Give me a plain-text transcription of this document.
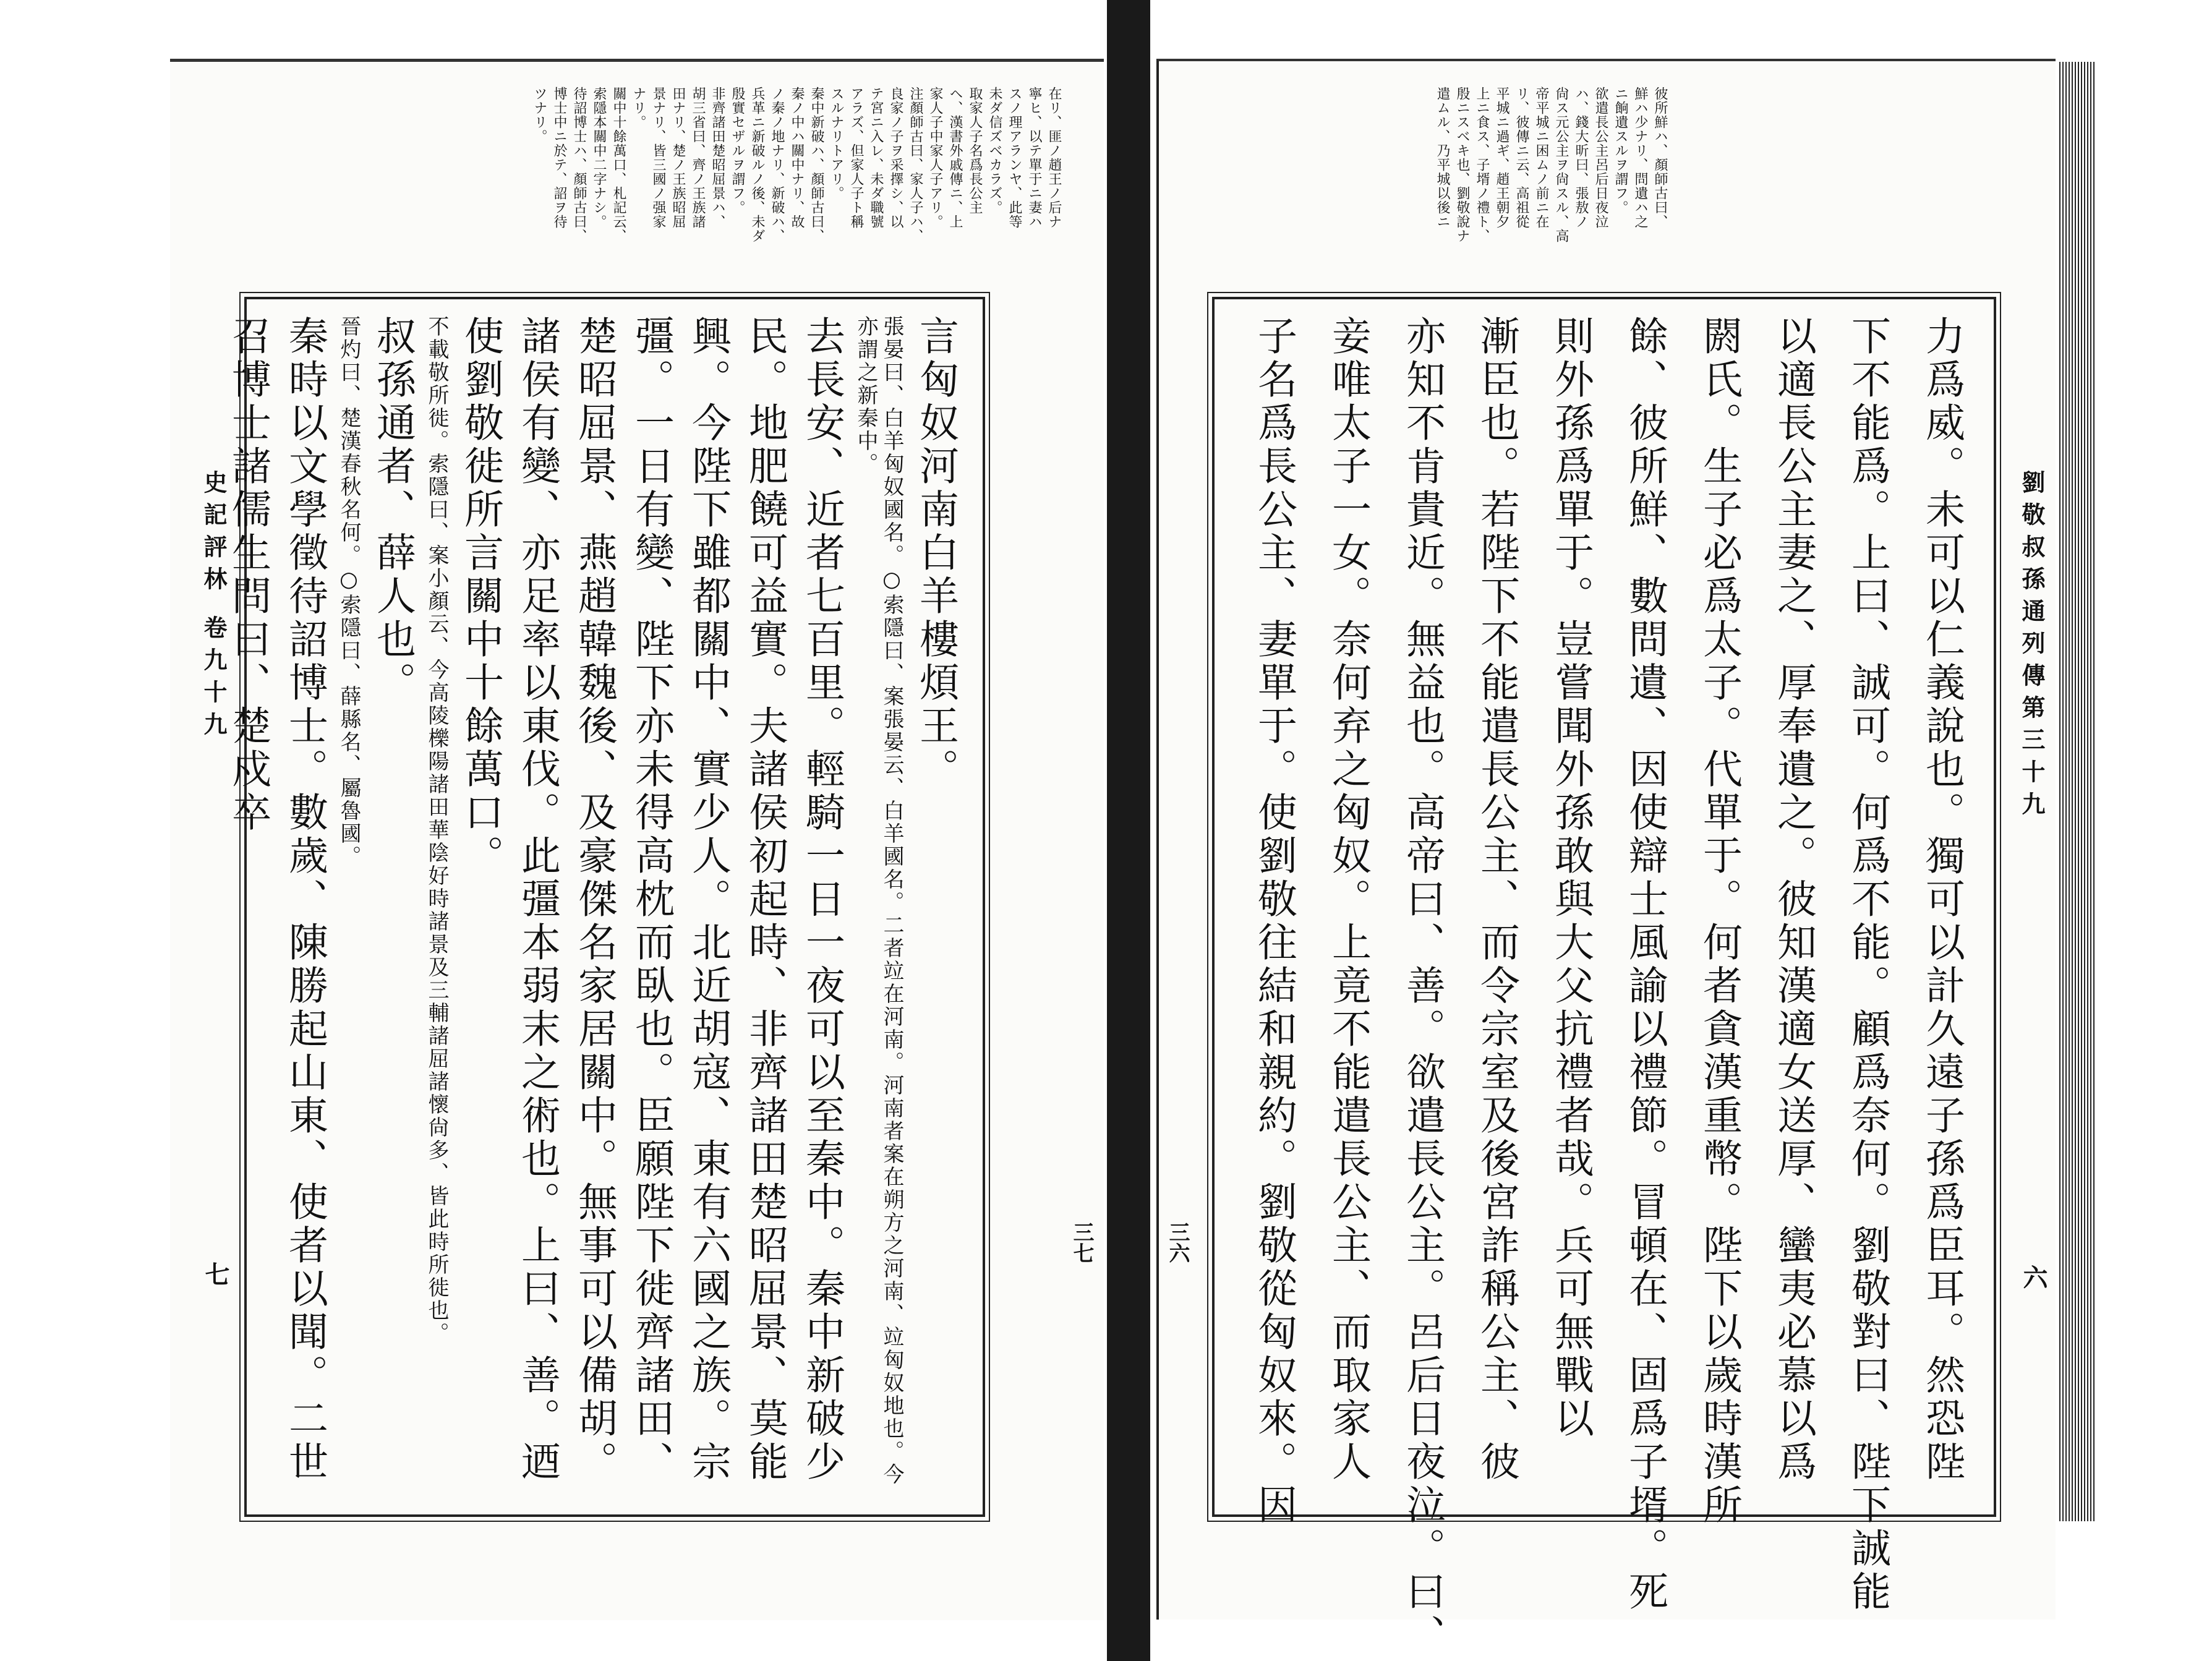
史記評林 卷九十九
七
三七
在リ、匪ノ趙王ノ后ナ
寧ヒ、以テ單于ニ妻ハ
スノ理アランヤ、此等
未ダ信ズベカラズ。
取家人子名爲長公主
ヘ、漢書外戚傳ニ、上
家人子中家人子アリ。
注顏師古曰、家人子ハ、
良家ノ子ヲ采擇シ、以
テ宮ニ入レ、未ダ職號
アラズ、但家人子ト稱
スルナリトアリ。
秦中新破ハ、顏師古曰、
秦ノ中ハ關中ナリ、故
ノ秦ノ地ナリ、新破ハ、
兵革ニ新破ルノ後、未ダ
殷實セザルヲ謂フ。
非齊諸田楚昭屈景ハ、
胡三省曰、齊ノ王族諸
田ナリ、楚ノ王族昭屈
景ナリ、皆三國ノ强家
ナリ。
關中十餘萬口、札記云、
索隱本關中二字ナシ。
待詔博士ハ、顏師古曰、
博士中ニ於テ、詔ヲ待
ツナリ。
言匈奴河南白羊樓煩王。
張晏曰、白羊匈奴國名。○索隱曰、案張晏云、白羊國名。二者竝在河南。河南者案在朔方之河南、竝匈奴地也。今亦謂之新秦中。
去長安、近者七百里。輕騎一日一夜可以至秦中。秦中新破少民。地肥饒可益實。夫諸侯初起時、非齊諸田楚昭屈景、莫能興。今陛下雖都關中、實少人。北近胡寇、東有六國之族。宗彊。一日有變、陛下亦未得高枕而臥也。臣願陛下徙齊諸田、楚昭屈景、燕趙韓魏後、及豪傑名家居關中。無事可以備胡。諸侯有變、亦足率以東伐。此彊本弱末之術也。上曰、善。迺使劉敬徙所言關中十餘萬口。
不載敬所徙。索隱曰、案小顏云、今高陵櫟陽諸田華陰好時諸景及三輔諸屈諸懷尙多、皆此時所徙也。
叔孫通者、薛人也。
晉灼曰、楚漢春秋名何。○索隱曰、薛縣名、屬魯國。
秦時以文學徵待詔博士。數歲、陳勝起山東、使者以聞。二世召博士諸儒生問曰、楚戍卒	劉敬叔孫通列傳第三十九
六
三六
彼所鮮ハ、顏師古曰、
鮮ハ少ナリ、問遺ハ之
ニ餉遺スルヲ謂フ。
欲遣長公主呂后日夜泣
ハ、錢大昕曰、張敖ノ
尙ス元公主ヲ尙スル、高
帝平城ニ困ムノ前ニ在
リ、彼傳ニ云、高祖從
平城ニ過ギ、趙王朝夕
上ニ食ス、子壻ノ禮ト、
殷ニスベキ也、劉敬說ナ
遣ムル、乃平城以後ニ
力爲威。未可以仁義說也。獨可以計久遠子孫爲臣耳。然恐陛
下不能爲。上曰、誠可。何爲不能。顧爲奈何。劉敬對曰、陛下誠能
以適長公主妻之、厚奉遺之。彼知漢適女送厚、蠻夷必慕以爲
閼氏。生子必爲太子。代單于。何者貪漢重幣。陛下以歲時漢所
餘、彼所鮮、數問遺、因使辯士風諭以禮節。冒頓在、固爲子壻。死
則外孫爲單于。豈嘗聞外孫敢與大父抗禮者哉。兵可無戰以
漸臣也。若陛下不能遣長公主、而令宗室及後宮詐稱公主、彼
亦知不肯貴近。無益也。高帝曰、善。欲遣長公主。呂后日夜泣。曰、
妾唯太子一女。奈何弃之匈奴。上竟不能遣長公主、而取家人
子名爲長公主、妻單于。使劉敬往結和親約。劉敬從匈奴來。因
